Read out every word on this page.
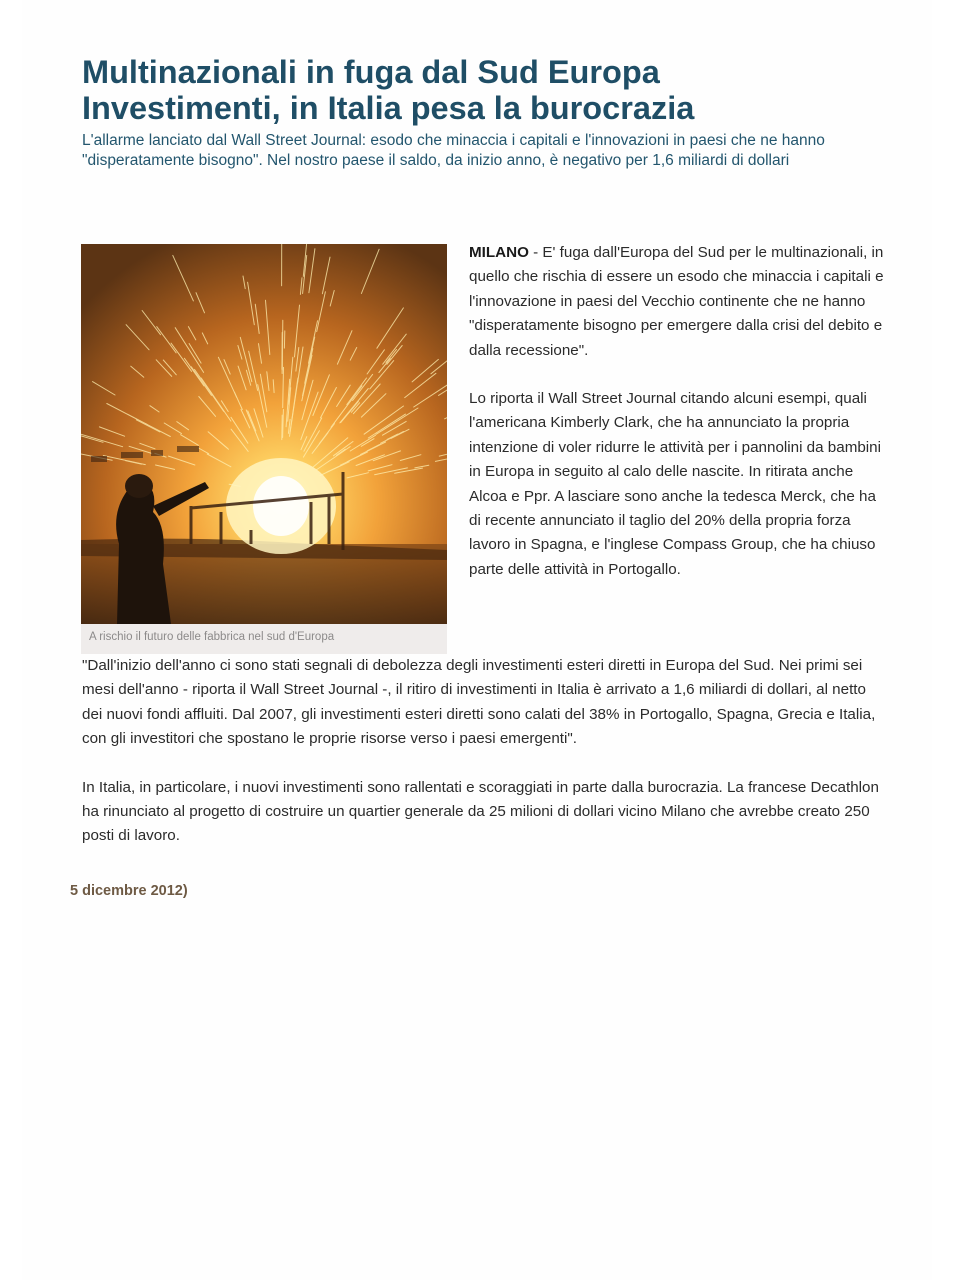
Multinazionali in fuga dal Sud Europa
Investimenti, in Italia pesa la burocrazia

L'allarme lanciato dal Wall Street Journal: esodo che minaccia i capitali e l'innovazioni in paesi che ne hanno "disperatamente bisogno". Nel nostro paese il saldo, da inizio anno, è negativo per 1,6 miliardi di dollari

A rischio il futuro delle fabbrica nel sud d'Europa

MILANO - E' fuga dall'Europa del Sud per le multinazionali, in quello che rischia di essere un esodo che minaccia i capitali e l'innovazione in paesi del Vecchio continente che ne hanno "disperatamente bisogno per emergere dalla crisi del debito e dalla recessione".

Lo riporta il Wall Street Journal citando alcuni esempi, quali l'americana Kimberly Clark, che ha annunciato la propria intenzione di voler ridurre le attività per i pannolini da bambini in Europa in seguito al calo delle nascite. In ritirata anche Alcoa e Ppr. A lasciare sono anche la tedesca Merck, che ha di recente annunciato il taglio del 20% della propria forza lavoro in Spagna, e l'inglese Compass Group, che ha chiuso parte delle attività in Portogallo.

"Dall'inizio dell'anno ci sono stati segnali di debolezza degli investimenti esteri diretti in Europa del Sud. Nei primi sei mesi dell'anno - riporta il Wall Street Journal -, il ritiro di investimenti in Italia è arrivato a 1,6 miliardi di dollari, al netto dei nuovi fondi affluiti. Dal 2007, gli investimenti esteri diretti sono calati del 38% in Portogallo, Spagna, Grecia e Italia, con gli investitori che spostano le proprie risorse verso i paesi emergenti".

In Italia, in particolare, i nuovi investimenti sono rallentati e scoraggiati in parte dalla burocrazia. La francese Decathlon ha rinunciato al progetto di costruire un quartier generale da 25 milioni di dollari vicino Milano che avrebbe creato 250 posti di lavoro.

5 dicembre 2012)
